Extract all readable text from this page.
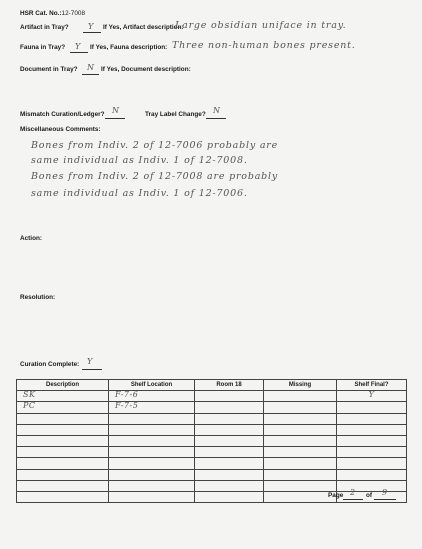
HSR Cat. No.:12-7008
Artifact in Tray? Y If Yes, Artifact description:
Large obsidian uniface in tray.
Fauna in Tray? Y If Yes, Fauna description: Three non-human bones present.
Document in Tray? N If Yes, Document description:
Mismatch Curation/Ledger? N	Tray Label Change? N
Miscellaneous Comments:
Bones from Indiv. 2 of 12-7006 probably are
same individual as Indiv. 1 of 12-7008.
Bones from Indiv. 2 of 12-7008 are probably
same individual as Indiv. 1 of 12-7006.
Action:
Resolution:
Curation Complete: Y
Description	Shelf Location	Room 18	Missing	Shelf Final?

SK	F-7-6			Y

PC	F-7-5			

Page 2 of 9
